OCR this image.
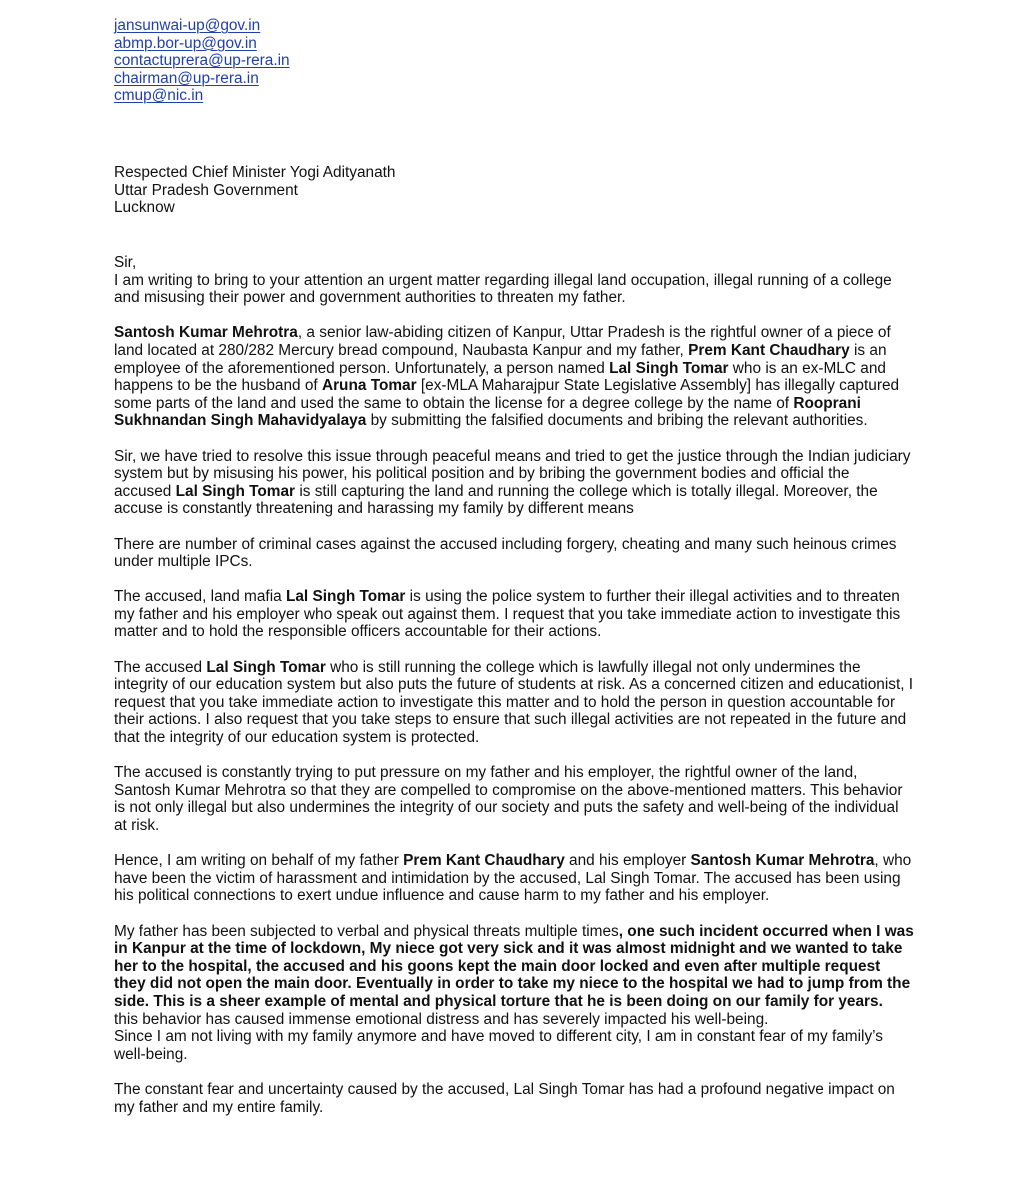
jansunwai-up@gov.in
abmp.bor-up@gov.in
contactuprera@up-rera.in
chairman@up-rera.in
cmup@nic.in
Respected Chief Minister Yogi Adityanath
Uttar Pradesh Government
Lucknow
Sir,
I am writing to bring to your attention an urgent matter regarding illegal land occupation, illegal running of a college
and misusing their power and government authorities to threaten my father.
Santosh Kumar Mehrotra, a senior law-abiding citizen of Kanpur, Uttar Pradesh is the rightful owner of a piece of
land located at 280/282 Mercury bread compound, Naubasta Kanpur and my father, Prem Kant Chaudhary is an
employee of the aforementioned person. Unfortunately, a person named Lal Singh Tomar who is an ex-MLC and
happens to be the husband of Aruna Tomar [ex-MLA Maharajpur State Legislative Assembly] has illegally captured
some parts of the land and used the same to obtain the license for a degree college by the name of Rooprani
Sukhnandan Singh Mahavidyalaya by submitting the falsified documents and bribing the relevant authorities.
Sir, we have tried to resolve this issue through peaceful means and tried to get the justice through the Indian judiciary
system but by misusing his power, his political position and by bribing the government bodies and official the
accused Lal Singh Tomar is still capturing the land and running the college which is totally illegal. Moreover, the
accuse is constantly threatening and harassing my family by different means
There are number of criminal cases against the accused including forgery, cheating and many such heinous crimes
under multiple IPCs.
The accused, land mafia Lal Singh Tomar is using the police system to further their illegal activities and to threaten
my father and his employer who speak out against them. I request that you take immediate action to investigate this
matter and to hold the responsible officers accountable for their actions.
The accused Lal Singh Tomar who is still running the college which is lawfully illegal not only undermines the
integrity of our education system but also puts the future of students at risk. As a concerned citizen and educationist, I
request that you take immediate action to investigate this matter and to hold the person in question accountable for
their actions. I also request that you take steps to ensure that such illegal activities are not repeated in the future and
that the integrity of our education system is protected.
The accused is constantly trying to put pressure on my father and his employer, the rightful owner of the land,
Santosh Kumar Mehrotra so that they are compelled to compromise on the above-mentioned matters. This behavior
is not only illegal but also undermines the integrity of our society and puts the safety and well-being of the individual
at risk.
Hence, I am writing on behalf of my father Prem Kant Chaudhary and his employer Santosh Kumar Mehrotra, who
have been the victim of harassment and intimidation by the accused, Lal Singh Tomar. The accused has been using
his political connections to exert undue influence and cause harm to my father and his employer.
My father has been subjected to verbal and physical threats multiple times, one such incident occurred when I was
in Kanpur at the time of lockdown, My niece got very sick and it was almost midnight and we wanted to take
her to the hospital, the accused and his goons kept the main door locked and even after multiple request
they did not open the main door. Eventually in order to take my niece to the hospital we had to jump from the
side. This is a sheer example of mental and physical torture that he is been doing on our family for years.
this behavior has caused immense emotional distress and has severely impacted his well-being.
Since I am not living with my family anymore and have moved to different city, I am in constant fear of my family’s
well-being.
The constant fear and uncertainty caused by the accused, Lal Singh Tomar has had a profound negative impact on
my father and my entire family.
